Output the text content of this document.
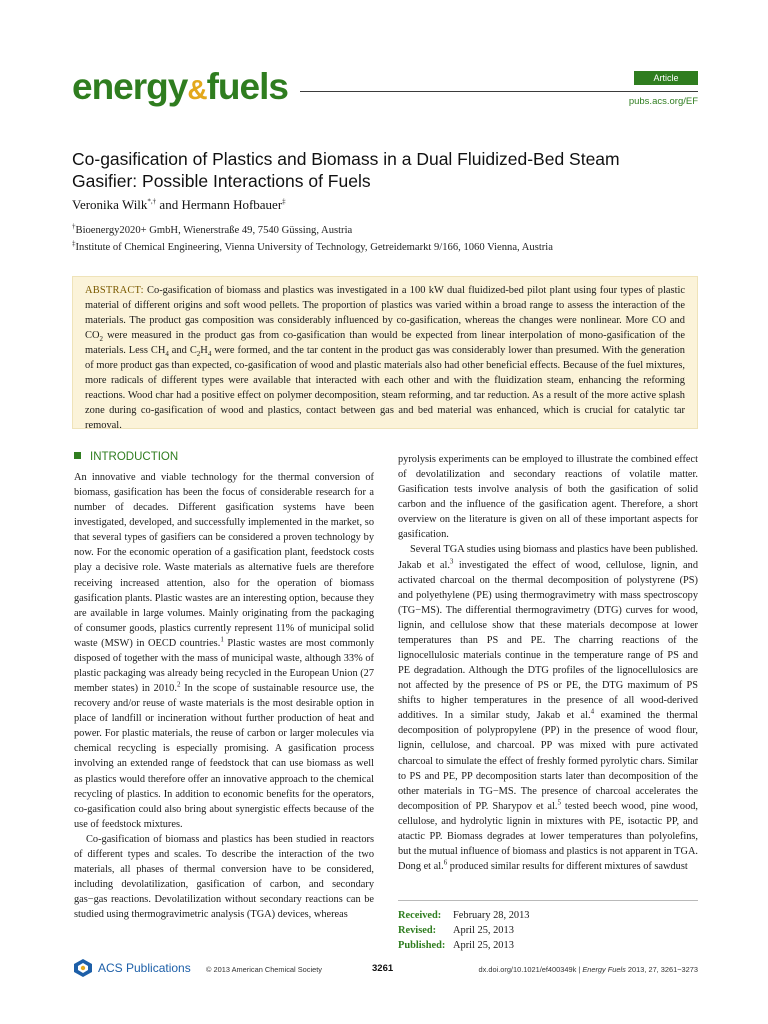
energy&fuels	Article
pubs.acs.org/EF
Co-gasification of Plastics and Biomass in a Dual Fluidized-Bed Steam Gasifier: Possible Interactions of Fuels
Veronika Wilk*,† and Hermann Hofbauer‡
†Bioenergy2020+ GmbH, Wienerstraße 49, 7540 Güssing, Austria
‡Institute of Chemical Engineering, Vienna University of Technology, Getreidemarkt 9/166, 1060 Vienna, Austria
ABSTRACT: Co-gasification of biomass and plastics was investigated in a 100 kW dual fluidized-bed pilot plant using four types of plastic material of different origins and soft wood pellets. The proportion of plastics was varied within a broad range to assess the interaction of the materials. The product gas composition was considerably influenced by co-gasification, whereas the changes were nonlinear. More CO and $CO_2$ were measured in the product gas from co-gasification than would be expected from linear interpolation of mono-gasification of the materials. Less $CH_4$ and $C_2H_4$ were formed, and the tar content in the product gas was considerably lower than presumed. With the generation of more product gas than expected, co-gasification of wood and plastic materials also had other beneficial effects. Because of the fuel mixtures, more radicals of different types were available that interacted with each other and with the fluidization steam, enhancing the reforming reactions. Wood char had a positive effect on polymer decomposition, steam reforming, and tar reduction. As a result of the more active splash zone during co-gasification of wood and plastics, contact between gas and bed material was enhanced, which is crucial for catalytic tar removal.
INTRODUCTION

An innovative and viable technology for the thermal conversion of biomass, gasification has been the focus of considerable research for a number of decades. Different gasification systems have been investigated, developed, and successfully implemented in the market, so that several types of gasifiers can be considered a proven technology by now. For the economic operation of a gasification plant, feedstock costs play a decisive role. Waste materials as alternative fuels are therefore receiving increased attention, also for the operation of biomass gasification plants. Plastic wastes are an interesting option, because they are available in large volumes. Mainly originating from the packaging of consumer goods, plastics currently represent 11% of municipal solid waste (MSW) in OECD countries.$^1$ Plastic wastes are most commonly disposed of together with the mass of municipal waste, although 33% of plastic packaging was already being recycled in the European Union (27 member states) in 2010.$^2$ In the scope of sustainable resource use, the recovery and/or reuse of waste materials is the most desirable option in place of landfill or incineration without further production of heat and power. For plastic materials, the reuse of carbon or larger molecules via chemical recycling is especially promising. A gasification process involving an extended range of feedstock that can use biomass as well as plastics would therefore offer an innovative approach to the chemical recycling of plastics. In addition to economic benefits for the operators, co-gasification could also bring about synergistic effects because of the use of feedstock mixtures.

Co-gasification of biomass and plastics has been studied in reactors of different types and scales. To describe the interaction of the two materials, all phases of thermal conversion have to be considered, including devolatilization, gasification of carbon, and secondary gas−gas reactions. Devolatilization without secondary reactions can be studied using thermogravimetric analysis (TGA) devices, whereas

pyrolysis experiments can be employed to illustrate the combined effect of devolatilization and secondary reactions of volatile matter. Gasification tests involve analysis of both the gasification of solid carbon and the influence of the gasification agent. Therefore, a short overview on the literature is given on all of these important aspects for gasification.

Several TGA studies using biomass and plastics have been published. Jakab et al.$^3$ investigated the effect of wood, cellulose, lignin, and activated charcoal on the thermal decomposition of polystyrene (PS) and polyethylene (PE) using thermogravimetry with mass spectroscopy (TG−MS). The differential thermogravimetry (DTG) curves for wood, lignin, and cellulose show that these materials decompose at lower temperatures than PS and PE. The charring reactions of the lignocellulosic materials continue in the temperature range of PS and PE degradation. Although the DTG profiles of the lignocellulosics are not affected by the presence of PS or PE, the DTG maximum of PS shifts to higher temperatures in the presence of all wood-derived additives. In a similar study, Jakab et al.$^4$ examined the thermal decomposition of polypropylene (PP) in the presence of wood flour, lignin, cellulose, and charcoal. PP was mixed with pure activated charcoal to simulate the effect of freshly formed pyrolytic chars. Similar to PS and PE, PP decomposition starts later than decomposition of the other materials in TG−MS. The presence of charcoal accelerates the decomposition of PP. Sharypov et al.$^5$ tested beech wood, pine wood, cellulose, and hydrolytic lignin in mixtures with PE, isotactic PP, and atactic PP. Biomass degrades at lower temperatures than polyolefins, but the mutual influence of biomass and plastics is not apparent in TGA. Dong et al.$^6$ produced similar results for different mixtures of sawdust

Received: February 28, 2013
Revised: April 25, 2013
Published: April 25, 2013
ACS Publications © 2013 American Chemical Society	3261	dx.doi.org/10.1021/ef400349k | Energy Fuels 2013, 27, 3261−3273
